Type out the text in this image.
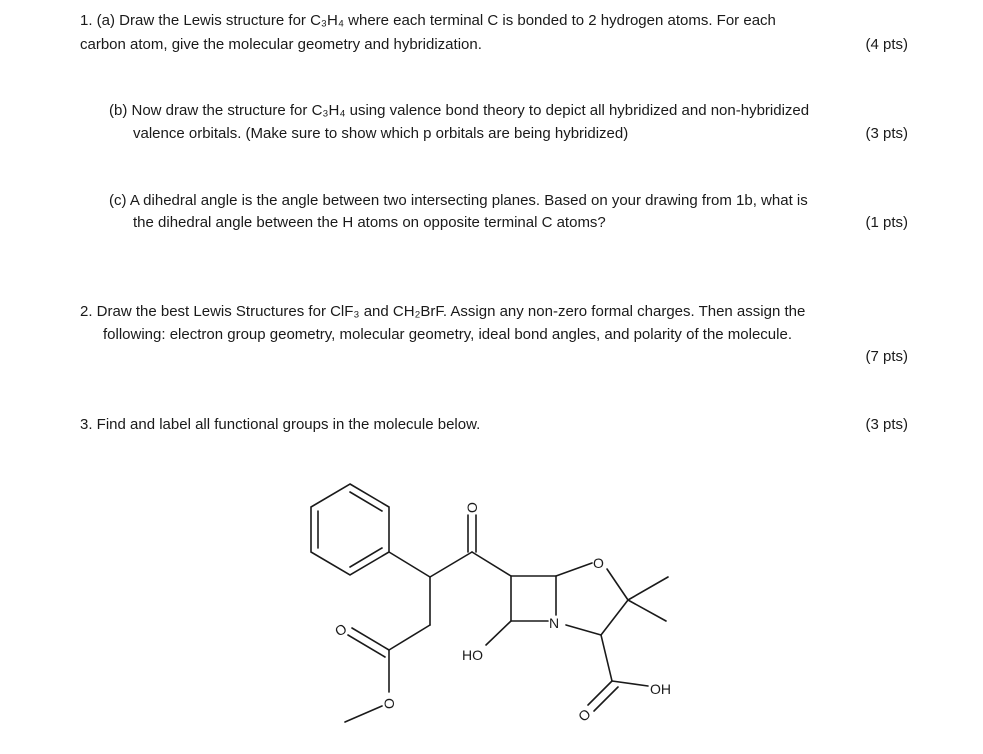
1. (a) Draw the Lewis structure for C₃H₄ where each terminal C is bonded to 2 hydrogen atoms. For each
carbon atom, give the molecular geometry and hybridization.	(4 pts)
(b) Now draw the structure for C₃H₄ using valence bond theory to depict all hybridized and non-hybridized
valence orbitals. (Make sure to show which p orbitals are being hybridized)	(3 pts)
(c) A dihedral angle is the angle between two intersecting planes. Based on your drawing from 1b, what is
the dihedral angle between the H atoms on opposite terminal C atoms?	(1 pts)
2. Draw the best Lewis Structures for ClF₃ and CH₂BrF. Assign any non-zero formal charges. Then assign the
following: electron group geometry, molecular geometry, ideal bond angles, and polarity of the molecule.
(7 pts)
3. Find and label all functional groups in the molecule below.	(3 pts)
O
O
O
N
HO
O
OH
O
